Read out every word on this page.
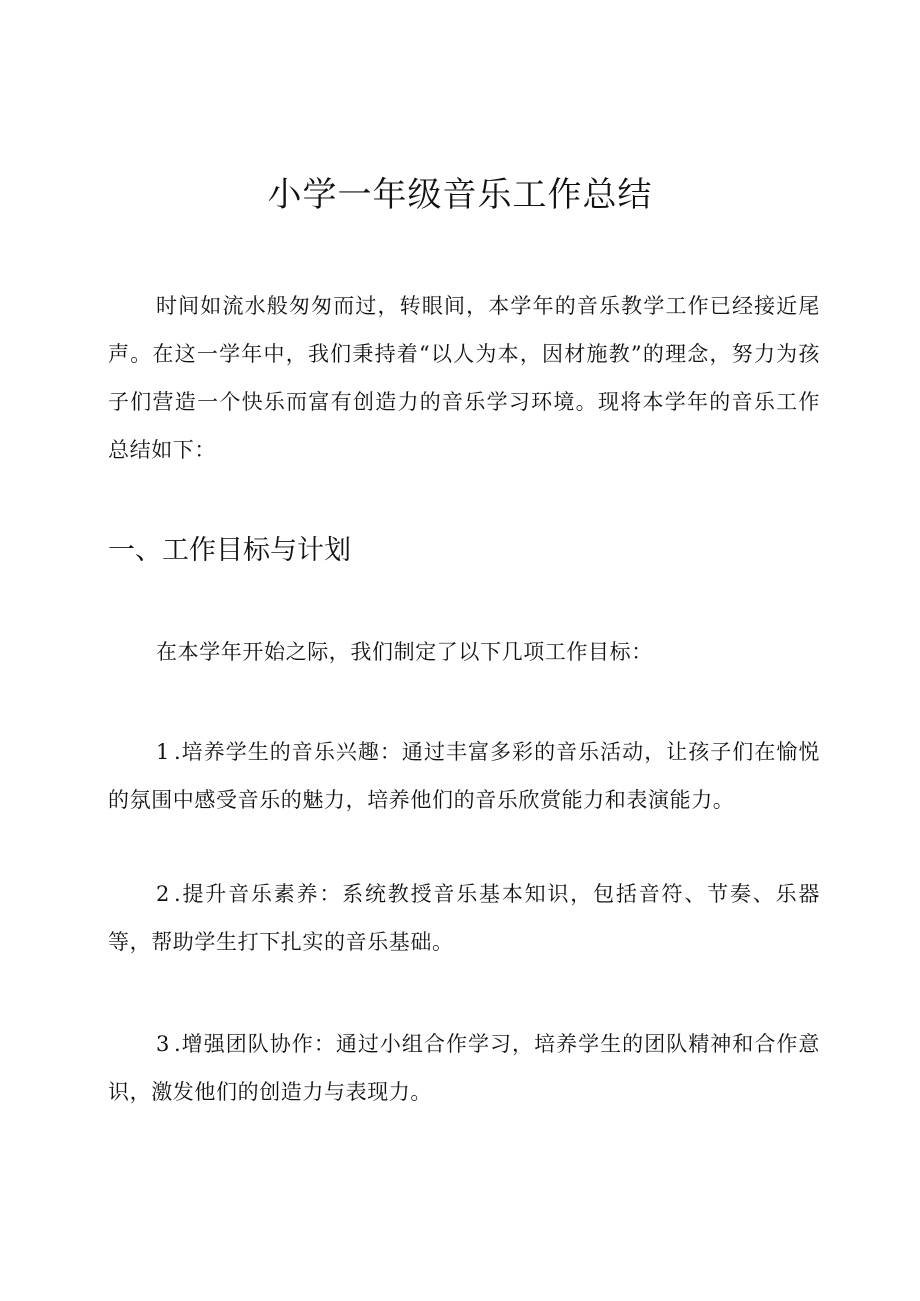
小学一年级音乐工作总结

时间如流水般匆匆而过，转眼间，本学年的音乐教学工作已经接近尾声。在这一学年中，我们秉持着“以人为本，因材施教”的理念，努力为孩子们营造一个快乐而富有创造力的音乐学习环境。现将本学年的音乐工作总结如下：

一、工作目标与计划

在本学年开始之际，我们制定了以下几项工作目标：

1 .培养学生的音乐兴趣：通过丰富多彩的音乐活动，让孩子们在愉悦的氛围中感受音乐的魅力，培养他们的音乐欣赏能力和表演能力。

2 .提升音乐素养：系统教授音乐基本知识，包括音符、节奏、乐器等，帮助学生打下扎实的音乐基础。

3 .增强团队协作：通过小组合作学习，培养学生的团队精神和合作意识，激发他们的创造力与表现力。
